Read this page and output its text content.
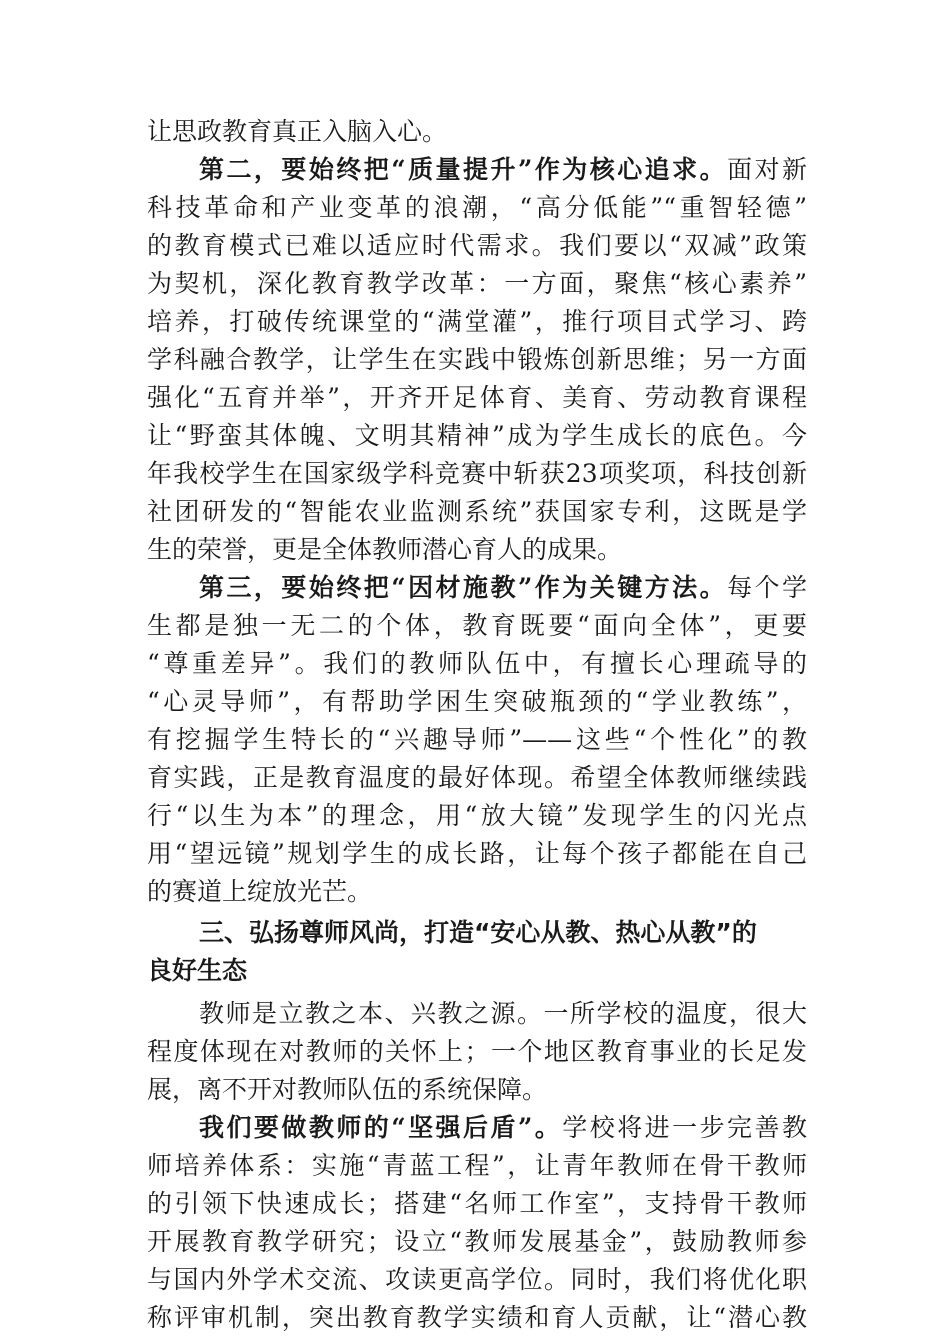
让思政教育真正入脑入心。
第二，要始终把“质量提升”作为核心追求。面对新
科技革命和产业变革的浪潮，“高分低能”“重智轻德”
的教育模式已难以适应时代需求。我们要以“双减”政策
为契机，深化教育教学改革：一方面，聚焦“核心素养”
培养，打破传统课堂的“满堂灌”，推行项目式学习、跨
学科融合教学，让学生在实践中锻炼创新思维；另一方面
强化“五育并举”，开齐开足体育、美育、劳动教育课程
让“野蛮其体魄、文明其精神”成为学生成长的底色。今
年我校学生在国家级学科竞赛中斩获23项奖项，科技创新
社团研发的“智能农业监测系统”获国家专利，这既是学
生的荣誉，更是全体教师潜心育人的成果。
第三，要始终把“因材施教”作为关键方法。每个学
生都是独一无二的个体，教育既要“面向全体”，更要
“尊重差异”。我们的教师队伍中，有擅长心理疏导的
“心灵导师”，有帮助学困生突破瓶颈的“学业教练”，
有挖掘学生特长的“兴趣导师”——这些“个性化”的教
育实践，正是教育温度的最好体现。希望全体教师继续践
行“以生为本”的理念，用“放大镜”发现学生的闪光点
用“望远镜”规划学生的成长路，让每个孩子都能在自己
的赛道上绽放光芒。
三、弘扬尊师风尚，打造“安心从教、热心从教”的
良好生态
教师是立教之本、兴教之源。一所学校的温度，很大
程度体现在对教师的关怀上；一个地区教育事业的长足发
展，离不开对教师队伍的系统保障。
我们要做教师的“坚强后盾”。学校将进一步完善教
师培养体系：实施“青蓝工程”，让青年教师在骨干教师
的引领下快速成长；搭建“名师工作室”，支持骨干教师
开展教育教学研究；设立“教师发展基金”，鼓励教师参
与国内外学术交流、攻读更高学位。同时，我们将优化职
称评审机制，突出教育教学实绩和育人贡献，让“潜心教
